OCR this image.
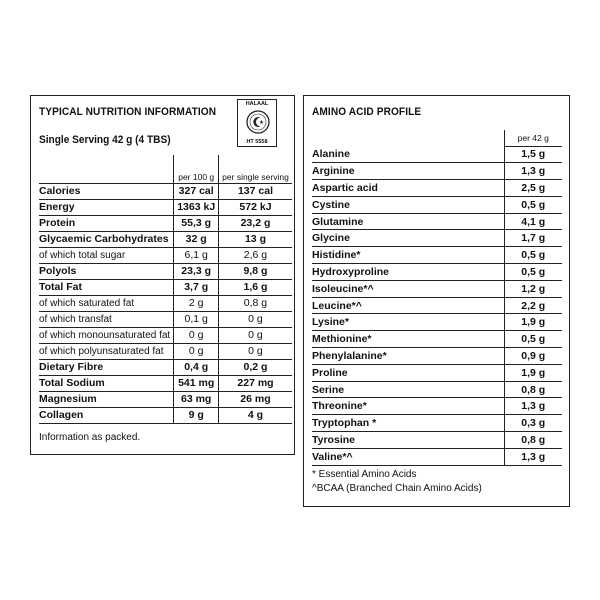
TYPICAL NUTRITION INFORMATION
Single Serving 42 g (4 TBS)
HALAAL
HT 5558
	per 100 g	per single serving
Calories	327 cal	137 cal
Energy	1363 kJ	572 kJ
Protein	55,3 g	23,2 g
Glycaemic Carbohydrates	32 g	13 g
of which total sugar	6,1 g	2,6 g
Polyols	23,3 g	9,8 g
Total Fat	3,7 g	1,6 g
of which saturated fat	2 g	0,8 g
of which transfat	0,1 g	0 g
of which monounsaturated fat	0 g	0 g
of which polyunsaturated fat	0 g	0 g
Dietary Fibre	0,4 g	0,2 g
Total Sodium	541 mg	227 mg
Magnesium	63 mg	26 mg
Collagen	9 g	4 g
Information as packed.
AMINO ACID PROFILE
	per 42 g
Alanine	1,5 g
Arginine	1,3 g
Aspartic acid	2,5 g
Cystine	0,5 g
Glutamine	4,1 g
Glycine	1,7 g
Histidine*	0,5 g
Hydroxyproline	0,5 g
Isoleucine*^	1,2 g
Leucine*^	2,2 g
Lysine*	1,9 g
Methionine*	0,5 g
Phenylalanine*	0,9 g
Proline	1,9 g
Serine	0,8 g
Threonine*	1,3 g
Tryptophan *	0,3 g
Tyrosine	0,8 g
Valine*^	1,3 g
* Essential Amino Acids
^BCAA (Branched Chain Amino Acids)
